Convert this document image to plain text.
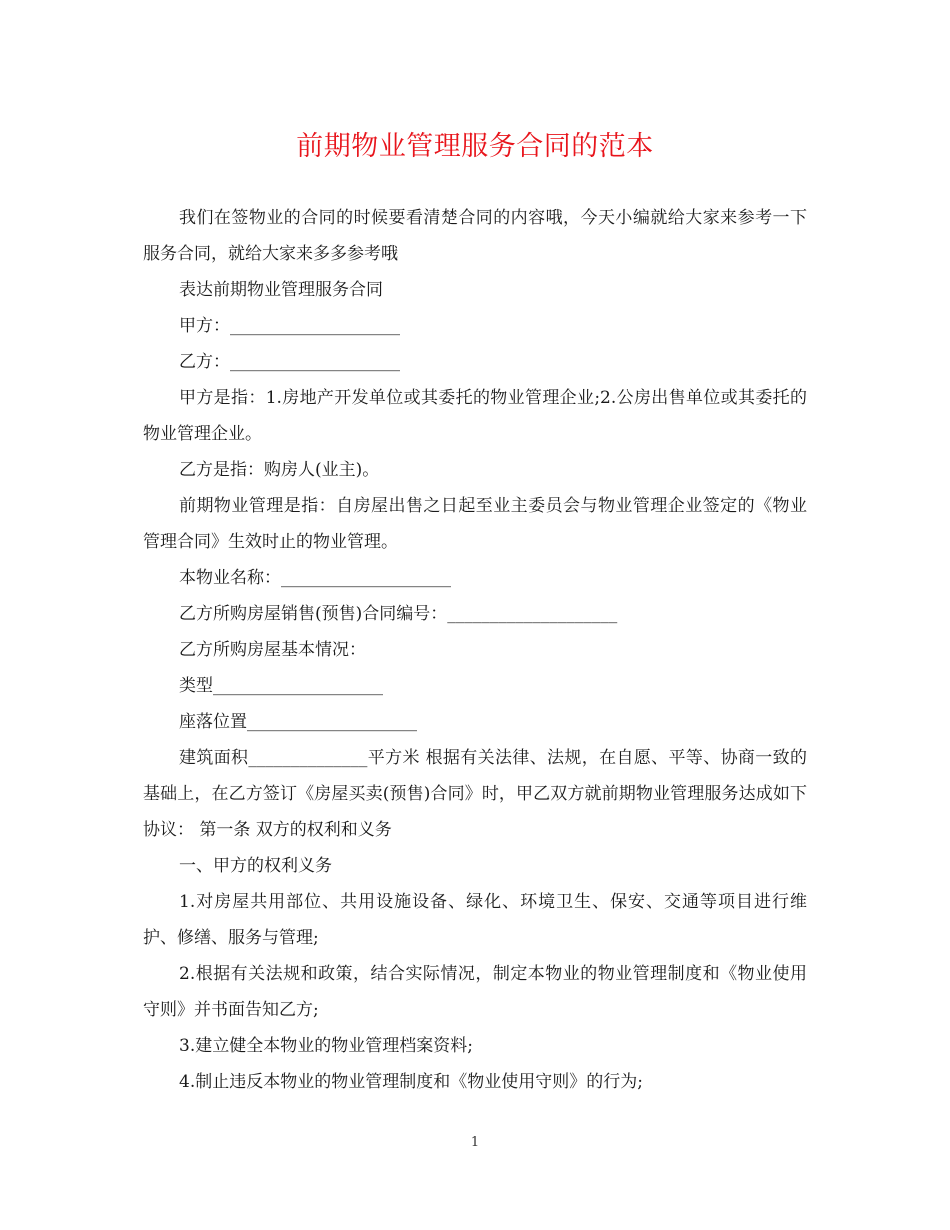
前期物业管理服务合同的范本

我们在签物业的合同的时候要看清楚合同的内容哦，今天小编就给大家来参考一下服务合同，就给大家来多多参考哦

表达前期物业管理服务合同

甲方：____________________

乙方：____________________

甲方是指：1.房地产开发单位或其委托的物业管理企业;2.公房出售单位或其委托的物业管理企业。

乙方是指：购房人(业主)。

前期物业管理是指：自房屋出售之日起至业主委员会与物业管理企业签定的《物业管理合同》生效时止的物业管理。

本物业名称：____________________

乙方所购房屋销售(预售)合同编号：____________________

乙方所购房屋基本情况：

类型____________________

座落位置____________________

建筑面积______________平方米 根据有关法律、法规，在自愿、平等、协商一致的基础上，在乙方签订《房屋买卖(预售)合同》时，甲乙双方就前期物业管理服务达成如下协议： 第一条 双方的权利和义务

一、甲方的权利义务

1.对房屋共用部位、共用设施设备、绿化、环境卫生、保安、交通等项目进行维护、修缮、服务与管理;

2.根据有关法规和政策，结合实际情况，制定本物业的物业管理制度和《物业使用守则》并书面告知乙方;

3.建立健全本物业的物业管理档案资料;

4.制止违反本物业的物业管理制度和《物业使用守则》的行为;

1
